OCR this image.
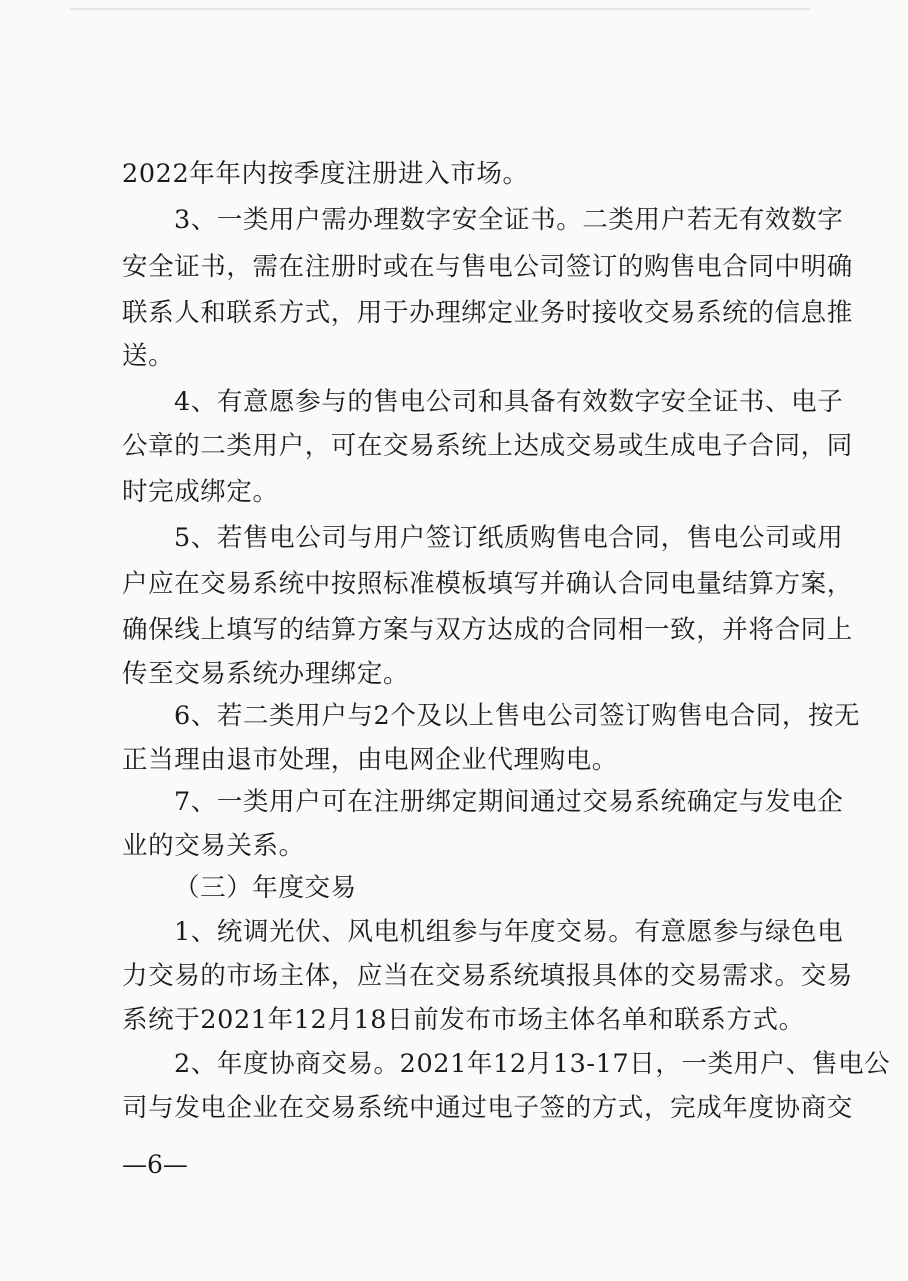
2022年年内按季度注册进入市场。
3、一类用户需办理数字安全证书。二类用户若无有效数字
安全证书，需在注册时或在与售电公司签订的购售电合同中明确
联系人和联系方式，用于办理绑定业务时接收交易系统的信息推
送。
4、有意愿参与的售电公司和具备有效数字安全证书、电子
公章的二类用户，可在交易系统上达成交易或生成电子合同，同
时完成绑定。
5、若售电公司与用户签订纸质购售电合同，售电公司或用
户应在交易系统中按照标准模板填写并确认合同电量结算方案，
确保线上填写的结算方案与双方达成的合同相一致，并将合同上
传至交易系统办理绑定。
6、若二类用户与2个及以上售电公司签订购售电合同，按无
正当理由退市处理，由电网企业代理购电。
7、一类用户可在注册绑定期间通过交易系统确定与发电企
业的交易关系。
（三）年度交易
1、统调光伏、风电机组参与年度交易。有意愿参与绿色电
力交易的市场主体，应当在交易系统填报具体的交易需求。交易
系统于2021年12月18日前发布市场主体名单和联系方式。
2、年度协商交易。2021年12月13-17日，一类用户、售电公
司与发电企业在交易系统中通过电子签的方式，完成年度协商交
—6—
